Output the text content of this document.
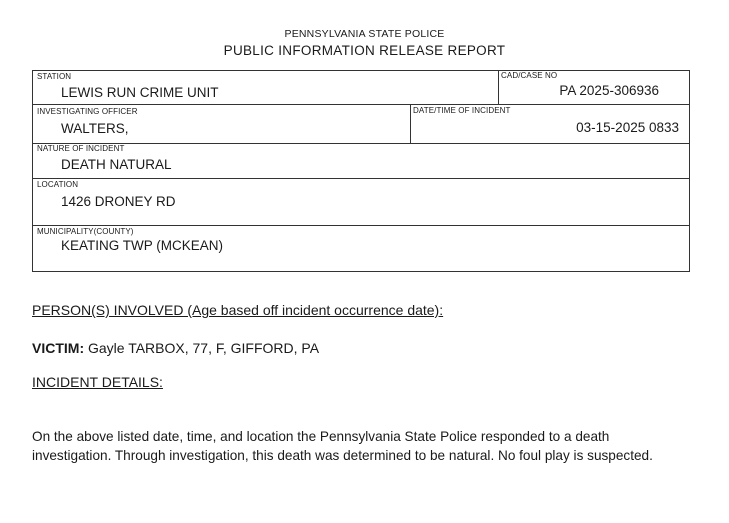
PENNSYLVANIA STATE POLICE
PUBLIC INFORMATION RELEASE REPORT
STATION
LEWIS RUN CRIME UNIT
CAD/CASE NO
PA 2025-306936
INVESTIGATING OFFICER
WALTERS,
DATE/TIME OF INCIDENT
03-15-2025 0833
NATURE OF INCIDENT
DEATH NATURAL
LOCATION
1426 DRONEY RD
MUNICIPALITY(COUNTY)
KEATING TWP (MCKEAN)
PERSON(S) INVOLVED (Age based off incident occurrence date):
VICTIM: Gayle TARBOX, 77, F, GIFFORD, PA
INCIDENT DETAILS:
On the above listed date, time, and location the Pennsylvania State Police responded to a death investigation. Through investigation, this death was determined to be natural. No foul play is suspected.
